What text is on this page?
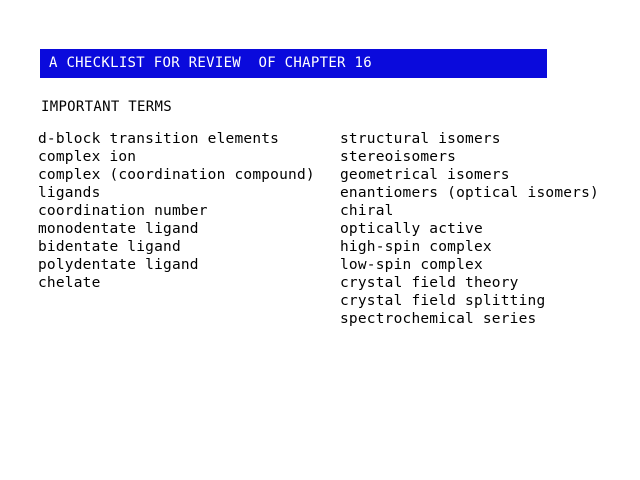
A CHECKLIST FOR REVIEW  OF CHAPTER 16
IMPORTANT TERMS
d-block transition elements
complex ion
complex (coordination compound)
ligands
coordination number
monodentate ligand
bidentate ligand
polydentate ligand
chelate
structural isomers
stereoisomers
geometrical isomers
enantiomers (optical isomers)
chiral
optically active
high-spin complex
low-spin complex
crystal field theory
crystal field splitting
spectrochemical series
